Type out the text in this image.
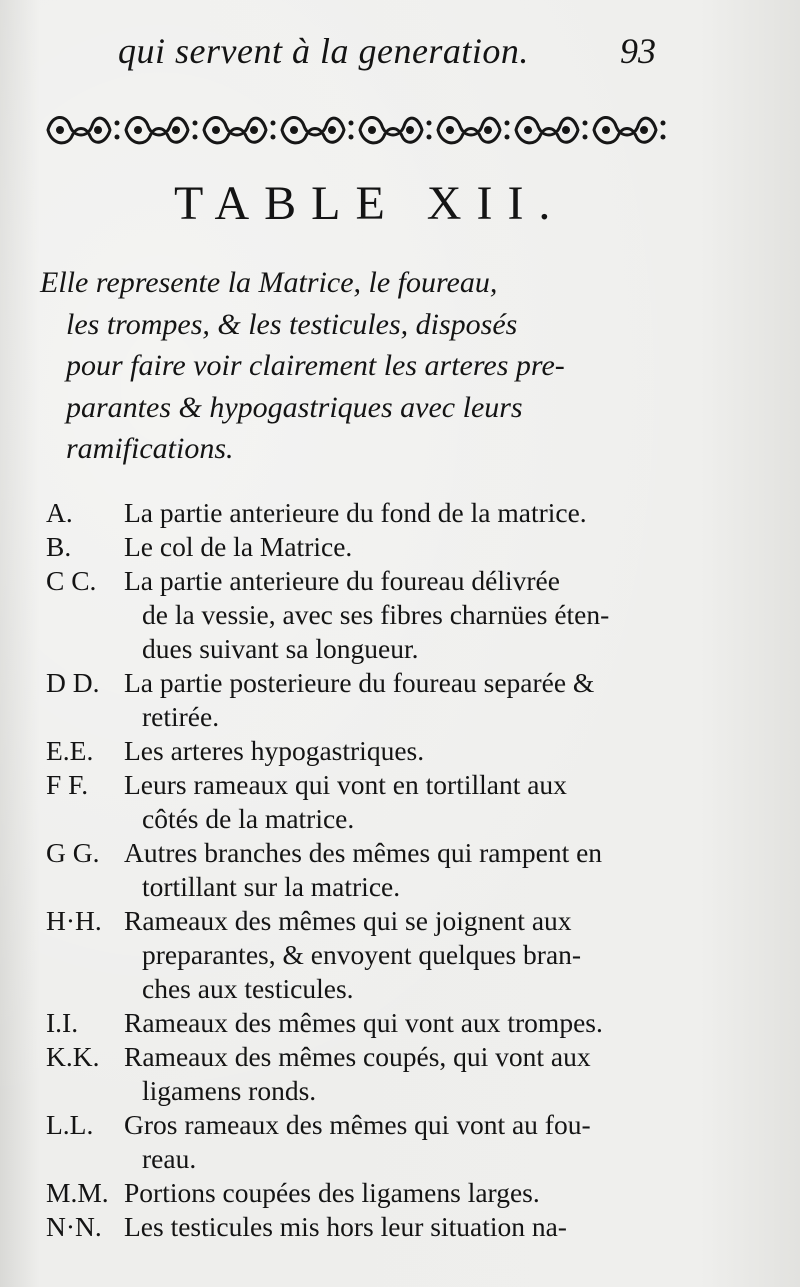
qui servent à la generation.	93
TABLE XII.
Elle represente la Matrice, le foureau,
les trompes, & les testicules, disposés
pour faire voir clairement les arteres pre-
parantes & hypogastriques avec leurs
ramifications.
A.	La partie anterieure du fond de la matrice.
B.	Le col de la Matrice.
C C.	La partie anterieure du foureau délivrée
de la vessie, avec ses fibres charnües éten-
dues suivant sa longueur.
D D. La partie posterieure du foureau separée &
retirée.
E.E.	Les arteres hypogastriques.
F F.	Leurs rameaux qui vont en tortillant aux
côtés de la matrice.
G G. Autres branches des mêmes qui rampent en
tortillant sur la matrice.
H·H. Rameaux des mêmes qui se joignent aux
preparantes, & envoyent quelques bran-
ches aux testicules.
I.I.	Rameaux des mêmes qui vont aux trompes.
K.K. Rameaux des mêmes coupés, qui vont aux
ligamens ronds.
L.L.	Gros rameaux des mêmes qui vont au fou-
reau.
M.M. Portions coupées des ligamens larges.
N·N. Les testicules mis hors leur situation na-
